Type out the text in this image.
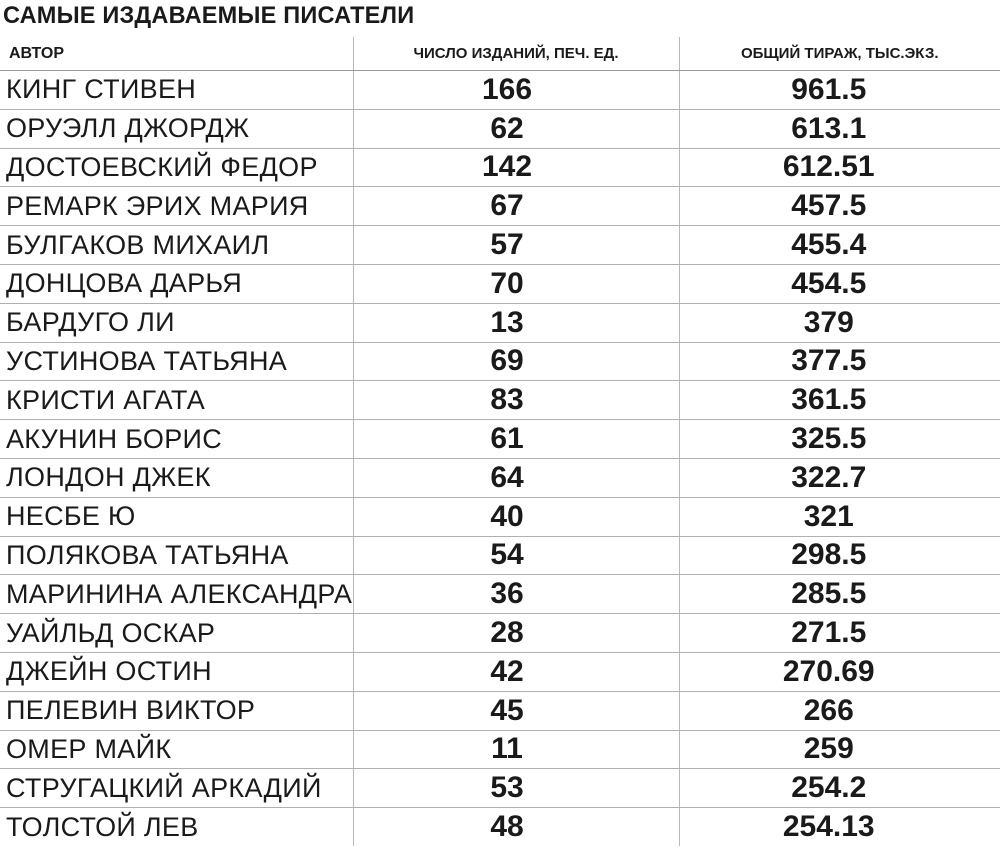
САМЫЕ ИЗДАВАЕМЫЕ ПИСАТЕЛИ
АВТОР	ЧИСЛО ИЗДАНИЙ, ПЕЧ. ЕД.	ОБЩИЙ ТИРАЖ, ТЫС.ЭКЗ.
КИНГ СТИВЕН	166	961.5
ОРУЭЛЛ ДЖОРДЖ	62	613.1
ДОСТОЕВСКИЙ ФЕДОР	142	612.51
РЕМАРК ЭРИХ МАРИЯ	67	457.5
БУЛГАКОВ МИХАИЛ	57	455.4
ДОНЦОВА ДАРЬЯ	70	454.5
БАРДУГО ЛИ	13	379
УСТИНОВА ТАТЬЯНА	69	377.5
КРИСТИ АГАТА	83	361.5
АКУНИН БОРИС	61	325.5
ЛОНДОН ДЖЕК	64	322.7
НЕСБЕ Ю	40	321
ПОЛЯКОВА ТАТЬЯНА	54	298.5
МАРИНИНА АЛЕКСАНДРА	36	285.5
УАЙЛЬД ОСКАР	28	271.5
ДЖЕЙН ОСТИН	42	270.69
ПЕЛЕВИН ВИКТОР	45	266
ОМЕР МАЙК	11	259
СТРУГАЦКИЙ АРКАДИЙ	53	254.2
ТОЛСТОЙ ЛЕВ	48	254.13
